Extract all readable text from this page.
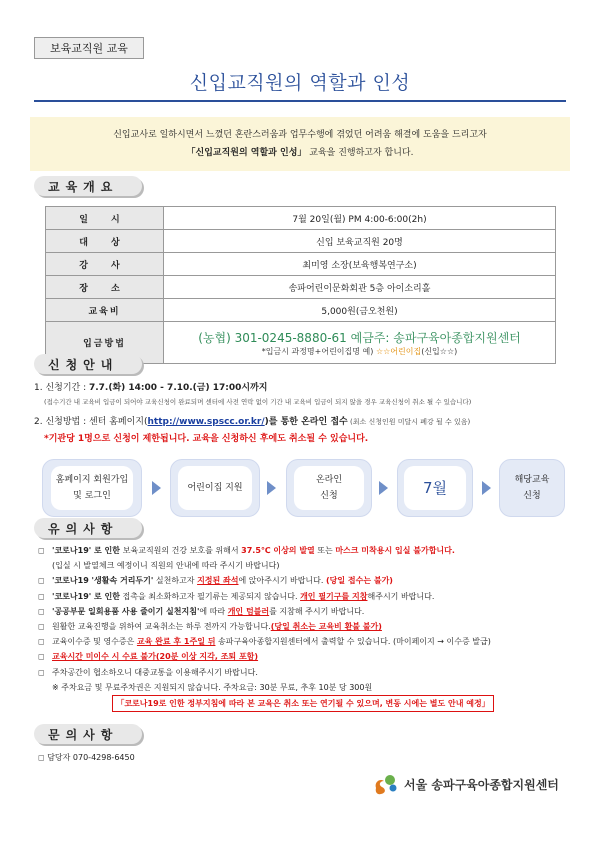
보육교직원 교육
신입교직원의 역할과 인성
신입교사로 일하시면서 느꼈던 혼란스러움과 업무수행에 겪었던 어려움 해결에 도움을 드리고자
「신입교직원의 역할과 인성」 교육을 진행하고자 합니다.
교육개요
일 시	7월 20일(월) PM 4:00-6:00(2h)
대 상	신입 보육교직원 20명
강 사	최미영 소장(보육행복연구소)
장 소	송파어린이문화회관 5층 아이소리홀
교육비	5,000원(금오천원)
입금방법	(농협) 301-0245-8880-61 예금주: 송파구육아종합지원센터
*입금시 과정명+어린이집명 예) ☆☆어린이집(신입☆☆)
신청안내
1. 신청기간 : 7.7.(화) 14:00 - 7.10.(금) 17:00시까지
(접수기간 내 교육비 입금이 되어야 교육신청이 완료되며 센터에 사전 연락 없이 기간 내 교육비 입금이 되지 않을 경우 교육신청이 취소 될 수 있습니다)
2. 신청방법 : 센터 홈페이지(http://www.spscc.or.kr/)를 통한 온라인 접수 (최소 신청인원 미달시 폐강 될 수 있음)
*기관당 1명으로 신청이 제한됩니다. 교육을 신청하신 후에도 취소될 수 있습니다.
홈페이지 회원가입
및 로그인
어린이집 지원
온라인
신청	7월	해당교육
신청
유의사항
◻ '코로나19' 로 인한 보육교직원의 건강 보호를 위해서 37.5℃ 이상의 발열 또는 마스크 미착용시 입실 불가합니다.
(입실 시 발열체크 예정이니 직원의 안내에 따라 주시기 바랍니다)
◻ '코로나19 '생활속 거리두기' 실천하고자 지정된 좌석에 앉아주시기 바랍니다. (당일 접수는 불가)
◻ '코로나19' 로 인한 접촉을 최소화하고자 필기류는 제공되지 않습니다. 개인 필기구를 지참해주시기 바랍니다.
◻ '공공부문 일회용품 사용 줄이기 실천지침'에 따라 개인 텀블러를 지참해 주시기 바랍니다.
◻ 원활한 교육진행을 위하여 교육취소는 하루 전까지 가능합니다.(당일 취소는 교육비 환불 불가)
◻ 교육이수증 및 영수증은 교육 완료 후 1주일 뒤 송파구육아종합지원센터에서 출력할 수 있습니다. (마이페이지 → 이수증 발급)
◻ 교육시간 미이수 시 수료 불가(20분 이상 지각, 조퇴 포함)
◻ 주차공간이 협소하오니 대중교통을 이용해주시기 바랍니다.
※ 주차요금 및 무료주차권은 지원되지 않습니다. 주차요금: 30분 무료, 추후 10분 당 300원
「코로나19로 인한 정부지침에 따라 본 교육은 취소 또는 연기될 수 있으며, 변동 시에는 별도 안내 예정」
문의사항
◻ 담당자 070-4298-6450
서울 송파구육아종합지원센터
